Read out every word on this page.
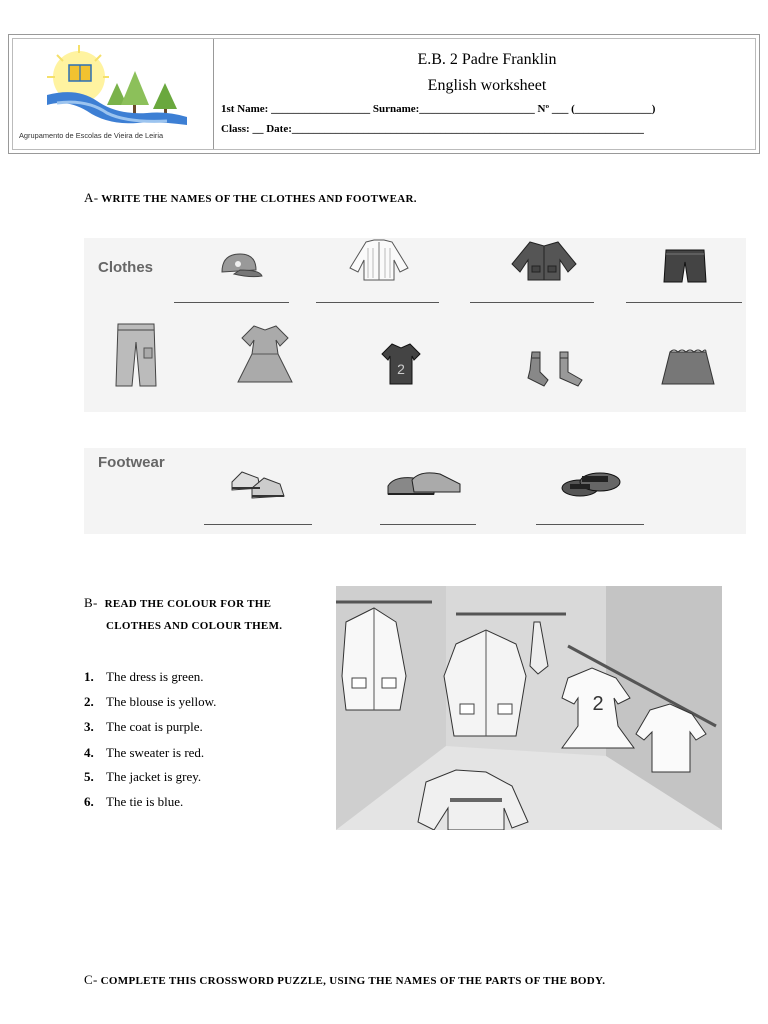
Agrupamento de Escolas de Vieira de Leiria
E.B. 2 Padre Franklin
English worksheet
1st Name: __________________ Surname:_____________________ Nº ___ (______________)
Class: __ Date:________________________________________________________________
A- WRITE THE NAMES OF THE CLOTHES AND FOOTWEAR.
Clothes
2
Footwear
B- READ THE COLOUR FOR THE
CLOTHES AND COLOUR THEM.
1. The dress is green.
2. The blouse is yellow.
3. The coat is purple.
4. The sweater is red.
5. The jacket is grey.
6. The tie is blue.
2
C- COMPLETE THIS CROSSWORD PUZZLE, USING THE NAMES OF THE PARTS OF THE BODY.
